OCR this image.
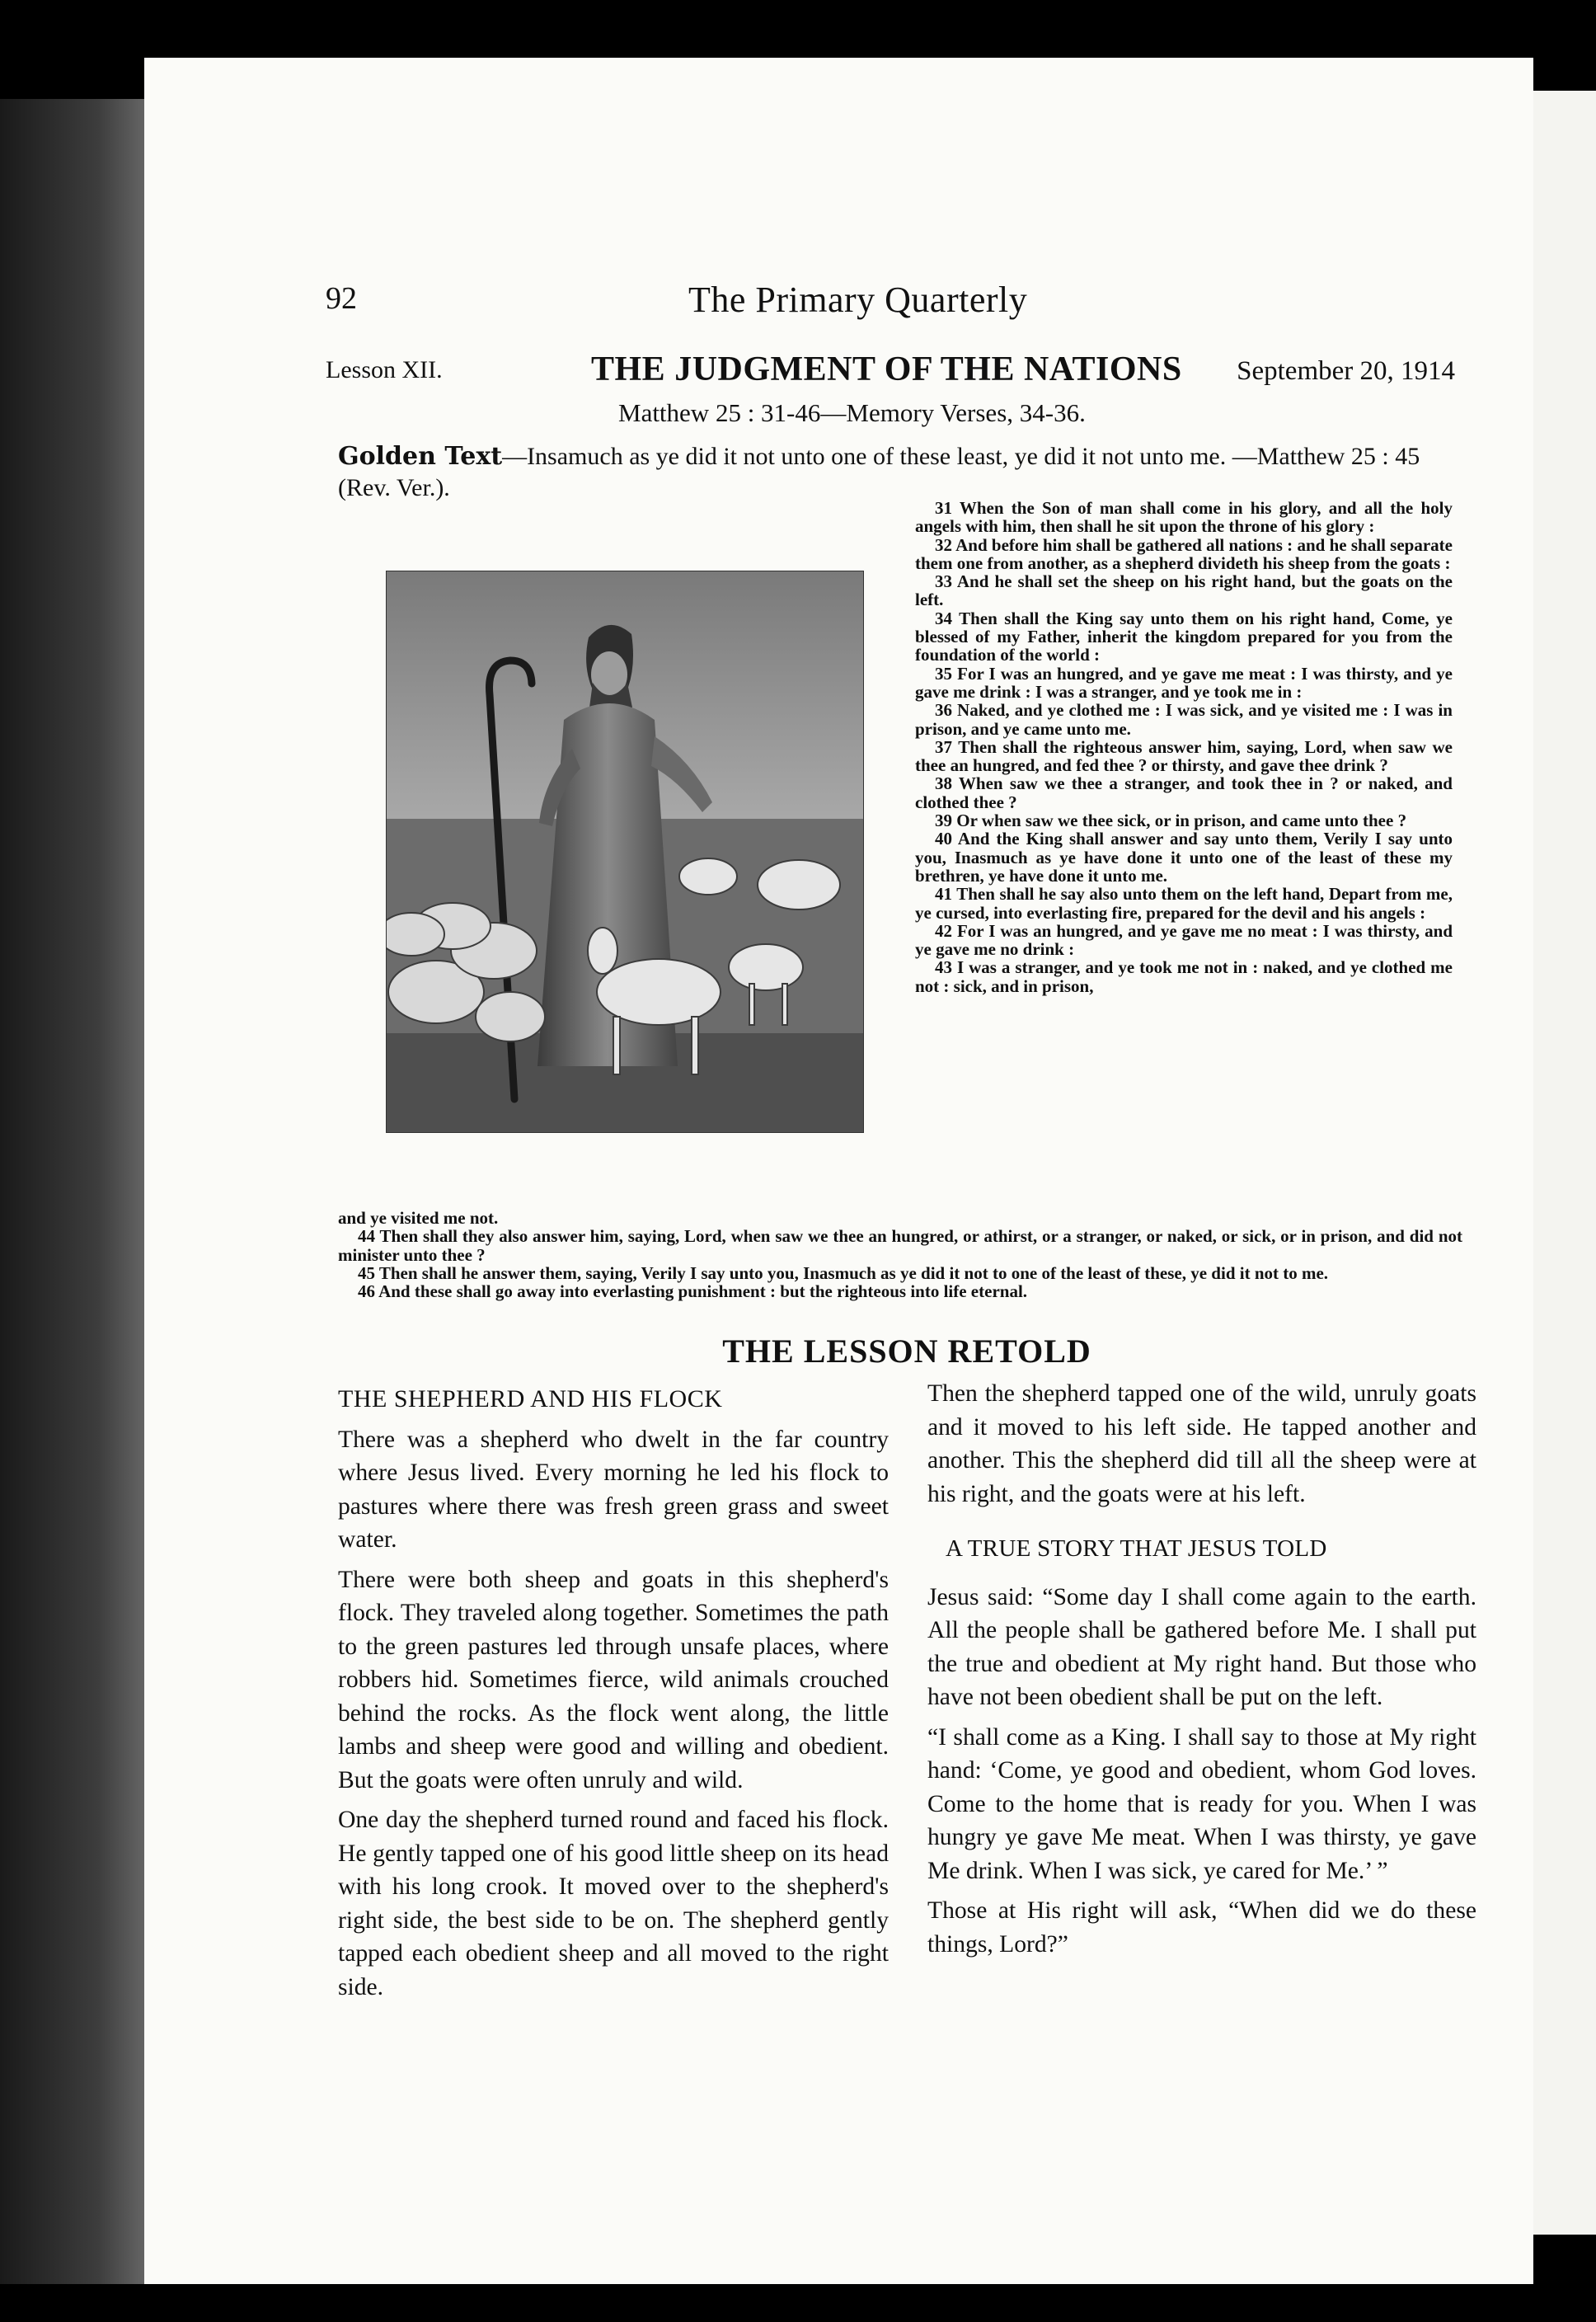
92	The Primary Quarterly
Lesson XII.	THE JUDGMENT OF THE NATIONS September 20, 1914
Matthew 25 : 31-46—Memory Verses, 34-36.
Golden Text—Insamuch as ye did it not unto one of these least, ye did it not unto me. —Matthew 25 : 45 (Rev. Ver.).

31 When the Son of man shall come in his glory, and all the holy angels with him, then shall he sit upon the throne of his glory :

32 And before him shall be gathered all nations : and he shall separate them one from another, as a shepherd divideth his sheep from the goats :

33 And he shall set the sheep on his right hand, but the goats on the left.

34 Then shall the King say unto them on his right hand, Come, ye blessed of my Father, inherit the kingdom prepared for you from the foundation of the world :

35 For I was an hungred, and ye gave me meat : I was thirsty, and ye gave me drink : I was a stranger, and ye took me in :

36 Naked, and ye clothed me : I was sick, and ye visited me : I was in prison, and ye came unto me.

37 Then shall the righteous answer him, saying, Lord, when saw we thee an hungred, and fed thee ? or thirsty, and gave thee drink ?

38 When saw we thee a stranger, and took thee in ? or naked, and clothed thee ?

39 Or when saw we thee sick, or in prison, and came unto thee ?

40 And the King shall answer and say unto them, Verily I say unto you, Inasmuch as ye have done it unto one of the least of these my brethren, ye have done it unto me.

41 Then shall he say also unto them on the left hand, Depart from me, ye cursed, into everlasting fire, prepared for the devil and his angels :

42 For I was an hungred, and ye gave me no meat : I was thirsty, and ye gave me no drink :

43 I was a stranger, and ye took me not in : naked, and ye clothed me not : sick, and in prison,

and ye visited me not.

44 Then shall they also answer him, saying, Lord, when saw we thee an hungred, or athirst, or a stranger, or naked, or sick, or in prison, and did not minister unto thee ?

45 Then shall he answer them, saying, Verily I say unto you, Inasmuch as ye did it not to one of the least of these, ye did it not to me.

46 And these shall go away into everlasting punishment : but the righteous into life eternal.

THE LESSON RETOLD
THE SHEPHERD AND HIS FLOCK

There was a shepherd who dwelt in the far country where Jesus lived. Every morning he led his flock to pastures where there was fresh green grass and sweet water.

There were both sheep and goats in this shepherd's flock. They traveled along together. Sometimes the path to the green pastures led through unsafe places, where robbers hid. Sometimes fierce, wild animals crouched behind the rocks. As the flock went along, the little lambs and sheep were good and willing and obedient. But the goats were often unruly and wild.

One day the shepherd turned round and faced his flock. He gently tapped one of his good little sheep on its head with his long crook. It moved over to the shepherd's right side, the best side to be on. The shepherd gently tapped each obedient sheep and all moved to the right side.

Then the shepherd tapped one of the wild, unruly goats and it moved to his left side. He tapped another and another. This the shepherd did till all the sheep were at his right, and the goats were at his left.

A TRUE STORY THAT JESUS TOLD

Jesus said: “Some day I shall come again to the earth. All the people shall be gathered before Me. I shall put the true and obedient at My right hand. But those who have not been obedient shall be put on the left.

“I shall come as a King. I shall say to those at My right hand: ‘Come, ye good and obedient, whom God loves. Come to the home that is ready for you. When I was hungry ye gave Me meat. When I was thirsty, ye gave Me drink. When I was sick, ye cared for Me.’ ”

Those at His right will ask, “When did we do these things, Lord?”
